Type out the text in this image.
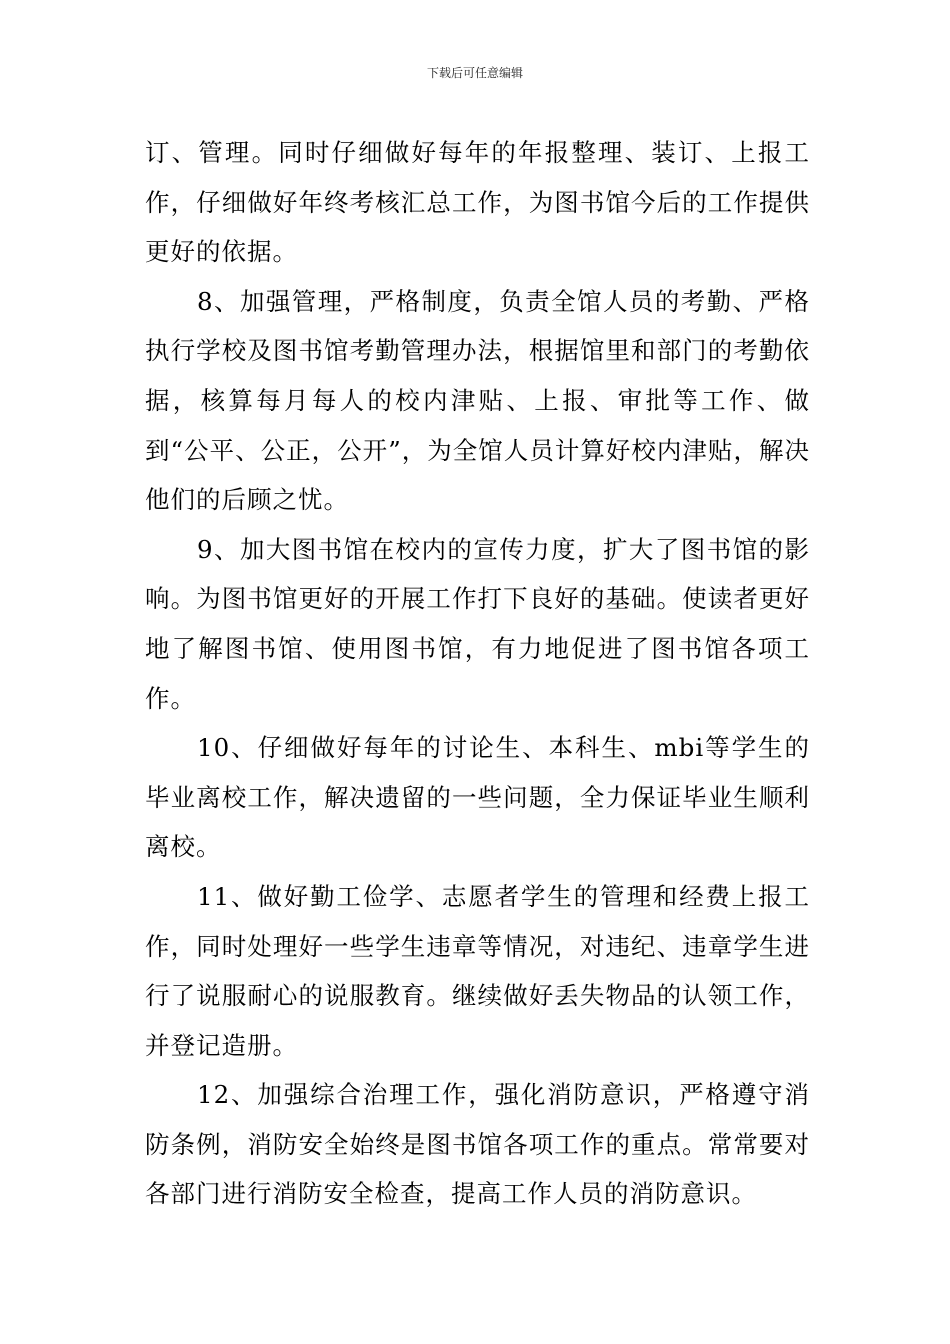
下载后可任意编辑

订、管理。同时仔细做好每年的年报整理、装订、上报工作，仔细做好年终考核汇总工作，为图书馆今后的工作提供更好的依据。

8、加强管理，严格制度，负责全馆人员的考勤、严格执行学校及图书馆考勤管理办法，根据馆里和部门的考勤依据，核算每月每人的校内津贴、上报、审批等工作、做到“公平、公正，公开”，为全馆人员计算好校内津贴，解决他们的后顾之忧。

9、加大图书馆在校内的宣传力度，扩大了图书馆的影响。为图书馆更好的开展工作打下良好的基础。使读者更好地了解图书馆、使用图书馆，有力地促进了图书馆各项工作。

10、仔细做好每年的讨论生、本科生、mbi等学生的毕业离校工作，解决遗留的一些问题，全力保证毕业生顺利离校。

11、做好勤工俭学、志愿者学生的管理和经费上报工作，同时处理好一些学生违章等情况，对违纪、违章学生进行了说服耐心的说服教育。继续做好丢失物品的认领工作，并登记造册。

12、加强综合治理工作，强化消防意识，严格遵守消防条例，消防安全始终是图书馆各项工作的重点。常常要对各部门进行消防安全检查，提高工作人员的消防意识。
